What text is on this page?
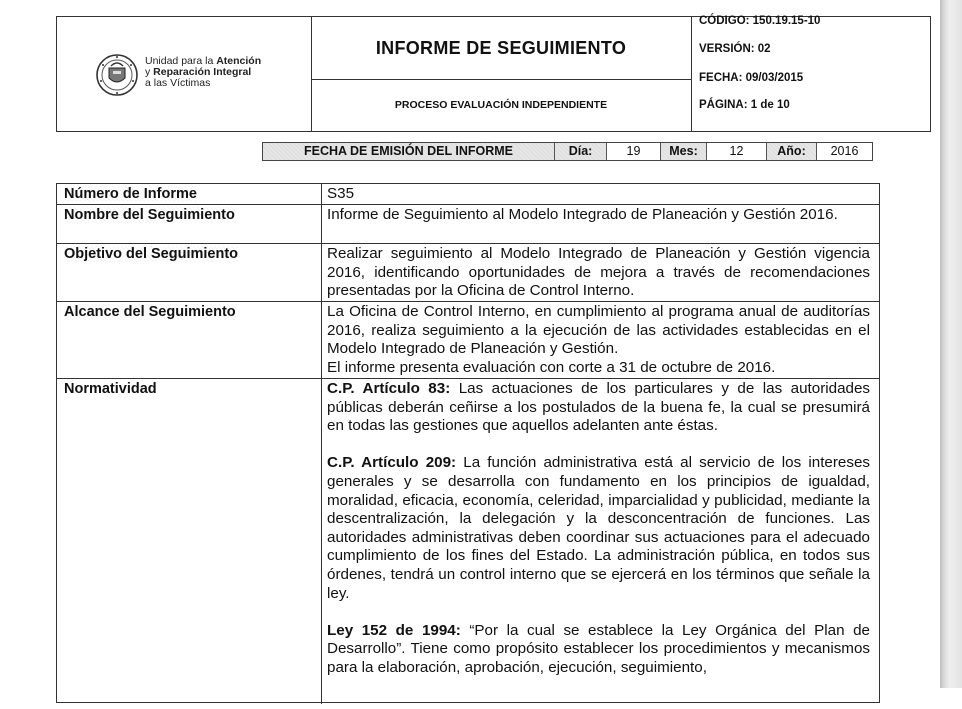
Unidad para la Atención
y Reparación Integral
a las Víctimas
INFORME DE SEGUIMIENTO
PROCESO EVALUACIÓN INDEPENDIENTE
CÓDIGO: 150.19.15-10
VERSIÓN: 02
FECHA: 09/03/2015
PÁGINA: 1 de 10
FECHA DE EMISIÓN DEL INFORME	Día:	19	Mes:	12	Año:	2016
Número de Informe	S35
Nombre del Seguimiento	Informe de Seguimiento al Modelo Integrado de Planeación y Gestión 2016.
Objetivo del Seguimiento	Realizar seguimiento al Modelo Integrado de Planeación y Gestión vigencia 2016, identificando oportunidades de mejora a través de recomendaciones presentadas por la Oficina de Control Interno.
Alcance del Seguimiento	La Oficina de Control Interno, en cumplimiento al programa anual de auditorías 2016, realiza seguimiento a la ejecución de las actividades establecidas en el Modelo Integrado de Planeación y Gestión.

El informe presenta evaluación con corte a 31 de octubre de 2016.
Normatividad	C.P. Artículo 83: Las actuaciones de los particulares y de las autoridades públicas deberán ceñirse a los postulados de la buena fe, la cual se presumirá en todas las gestiones que aquellos adelanten ante éstas.

C.P. Artículo 209: La función administrativa está al servicio de los intereses generales y se desarrolla con fundamento en los principios de igualdad, moralidad, eficacia, economía, celeridad, imparcialidad y publicidad, mediante la descentralización, la delegación y la desconcentración de funciones. Las autoridades administrativas deben coordinar sus actuaciones para el adecuado cumplimiento de los fines del Estado. La administración pública, en todos sus órdenes, tendrá un control interno que se ejercerá en los términos que señale la ley.

Ley 152 de 1994: “Por la cual se establece la Ley Orgánica del Plan de Desarrollo”. Tiene como propósito establecer los procedimientos y mecanismos para la elaboración, aprobación, ejecución, seguimiento,
